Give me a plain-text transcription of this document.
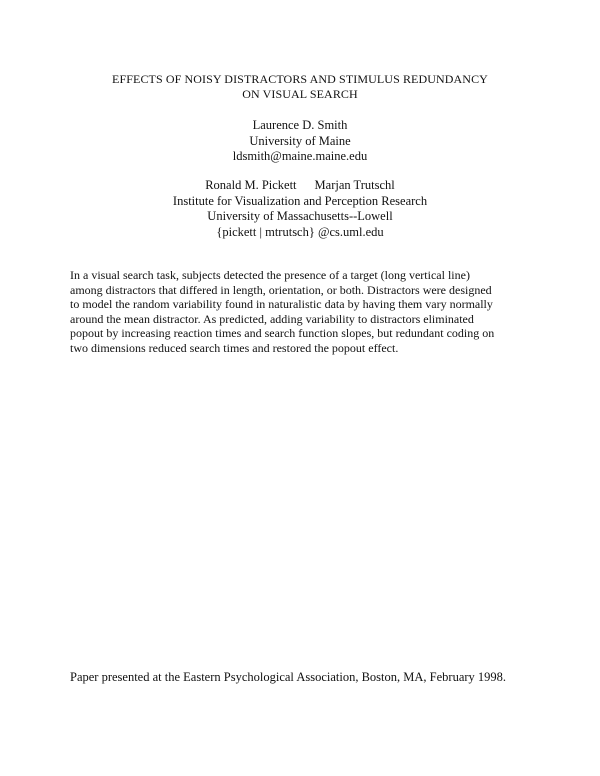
EFFECTS OF NOISY DISTRACTORS AND STIMULUS REDUNDANCY
ON VISUAL SEARCH
Laurence D. Smith
University of Maine
ldsmith@maine.maine.edu
Ronald M. Pickett Marjan Trutschl
Institute for Visualization and Perception Research
University of Massachusetts--Lowell
{pickett | mtrutsch} @cs.uml.edu
In a visual search task, subjects detected the presence of a target (long vertical line)
among distractors that differed in length, orientation, or both. Distractors were designed
to model the random variability found in naturalistic data by having them vary normally
around the mean distractor. As predicted, adding variability to distractors eliminated
popout by increasing reaction times and search function slopes, but redundant coding on
two dimensions reduced search times and restored the popout effect.
Paper presented at the Eastern Psychological Association, Boston, MA, February 1998.
